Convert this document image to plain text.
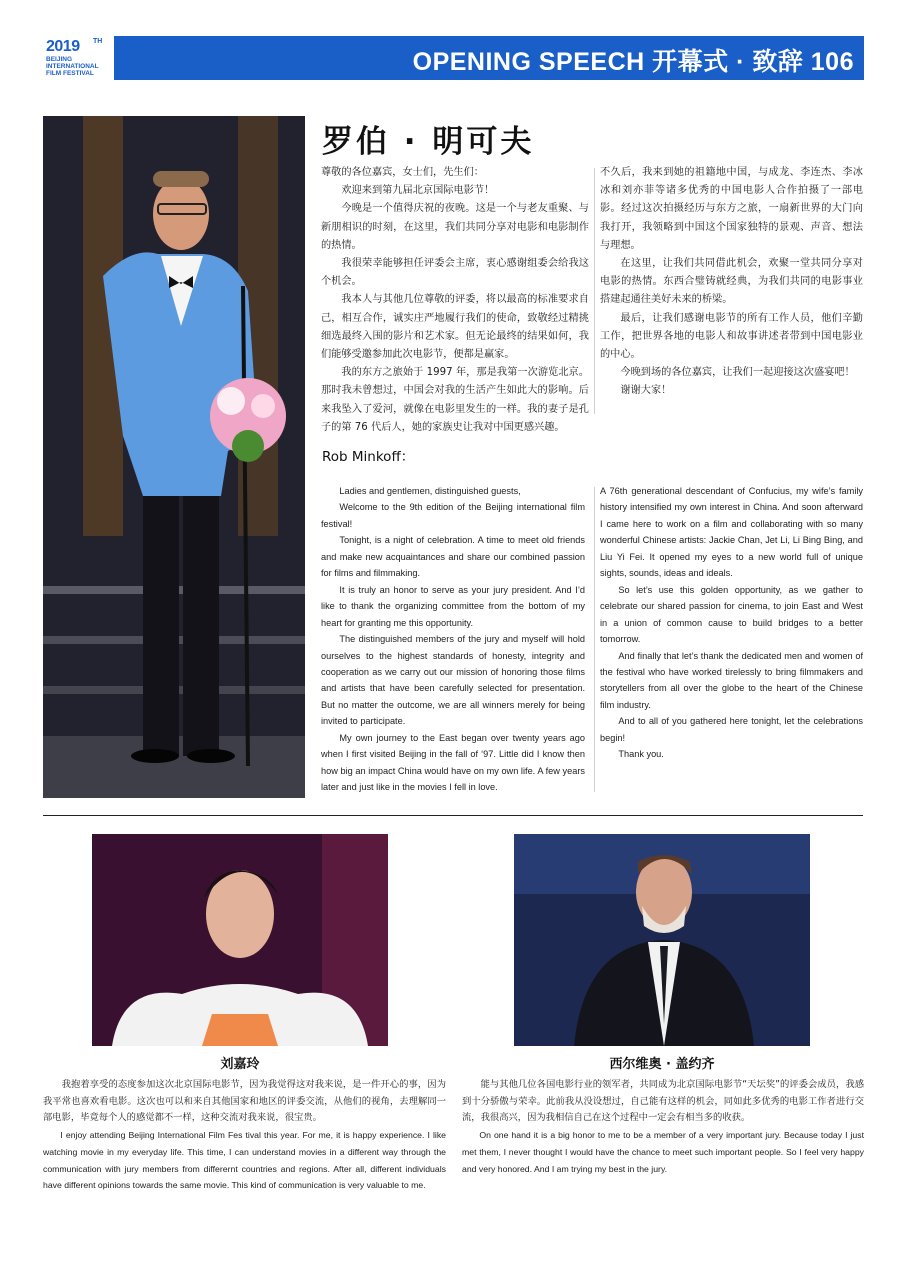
2019 TH
BEIJING
INTERNATIONAL
FILM FESTIVAL	OPENING SPEECH 开幕式 · 致辞 106
罗伯 · 明可夫

尊敬的各位嘉宾，女士们，先生们：

欢迎来到第九届北京国际电影节！

今晚是一个值得庆祝的夜晚。这是一个与老友重聚、与新朋相识的时刻，在这里，我们共同分享对电影和电影制作的热情。

我很荣幸能够担任评委会主席，衷心感谢组委会给我这个机会。

我本人与其他几位尊敬的评委，将以最高的标准要求自己，相互合作，诚实庄严地履行我们的使命，致敬经过精挑细选最终入围的影片和艺术家。但无论最终的结果如何，我们能够受邀参加此次电影节，便都是赢家。

我的东方之旅始于 1997 年，那是我第一次游览北京。那时我未曾想过，中国会对我的生活产生如此大的影响。后来我坠入了爱河，就像在电影里发生的一样。我的妻子是孔子的第 76 代后人，她的家族史让我对中国更感兴趣。

不久后，我来到她的祖籍地中国，与成龙、李连杰、李冰冰和刘亦菲等诸多优秀的中国电影人合作拍摄了一部电影。经过这次拍摄经历与东方之旅，一扇新世界的大门向我打开，我领略到中国这个国家独特的景观、声音、想法与理想。

在这里，让我们共同借此机会，欢聚一堂共同分享对电影的热情。东西合璧铸就经典，为我们共同的电影事业搭建起通往美好未来的桥梁。

最后，让我们感谢电影节的所有工作人员，他们辛勤工作，把世界各地的电影人和故事讲述者带到中国电影业的中心。

今晚到场的各位嘉宾，让我们一起迎接这次盛宴吧！

谢谢大家！

Rob Minkoff：

Ladies and gentlemen, distinguished guests,

Welcome to the 9th edition of the Beijing international film festival!

Tonight, is a night of celebration. A time to meet old friends and make new acquaintances and share our combined passion for films and filmmaking.

It is truly an honor to serve as your jury president. And I’d like to thank the organizing committee from the bottom of my heart for granting me this opportunity.

The distinguished members of the jury and myself will hold ourselves to the highest standards of honesty, integrity and cooperation as we carry out our mission of honoring those films and artists that have been carefully selected for presentation. But no matter the outcome, we are all winners merely for being invited to participate.

My own journey to the East began over twenty years ago when I first visited Beijing in the fall of ‘97. Little did I know then how big an impact China would have on my own life. A few years later and just like in the movies I fell in love.

A 76th generational descendant of Confucius, my wife’s family history intensified my own interest in China. And soon afterward I came here to work on a film and collaborating with so many wonderful Chinese artists: Jackie Chan, Jet Li, Li Bing Bing, and Liu Yi Fei. It opened my eyes to a new world full of unique sights, sounds, ideas and ideals.

So let’s use this golden opportunity, as we gather to celebrate our shared passion for cinema, to join East and West in a union of common cause to build bridges to a better tomorrow.

And finally that let’s thank the dedicated men and women of the festival who have worked tirelessly to bring filmmakers and storytellers from all over the globe to the heart of the Chinese film industry.

And to all of you gathered here tonight, let the celebrations begin!

Thank you.

刘嘉玲	西尔维奥 · 盖约齐

我抱着享受的态度参加这次北京国际电影节，因为我觉得这对我来说，是一件开心的事，因为我平常也喜欢看电影。这次也可以和来自其他国家和地区的评委交流，从他们的视角，去理解同一部电影，毕竟每个人的感觉都不一样，这种交流对我来说，很宝贵。

I enjoy attending Beijing International Film Fes tival this year. For me, it is happy experience. I like watching movie in my everyday life. This time, I can understand movies in a different way through the communication with jury members from differernt countries and regions. After all, different individuals have different opinions towards the same movie. This kind of communication is very valuable to me.

能与其他几位各国电影行业的领军者，共同成为北京国际电影节“天坛奖”的评委会成员，我感到十分骄傲与荣幸。此前我从没设想过，自己能有这样的机会，同如此多优秀的电影工作者进行交流，我很高兴，因为我相信自己在这个过程中一定会有相当多的收获。

On one hand it is a big honor to me to be a member of a very important jury. Because today I just met them, I never thought I would have the chance to meet such important people. So I feel very happy and very honored. And I am trying my best in the jury.
